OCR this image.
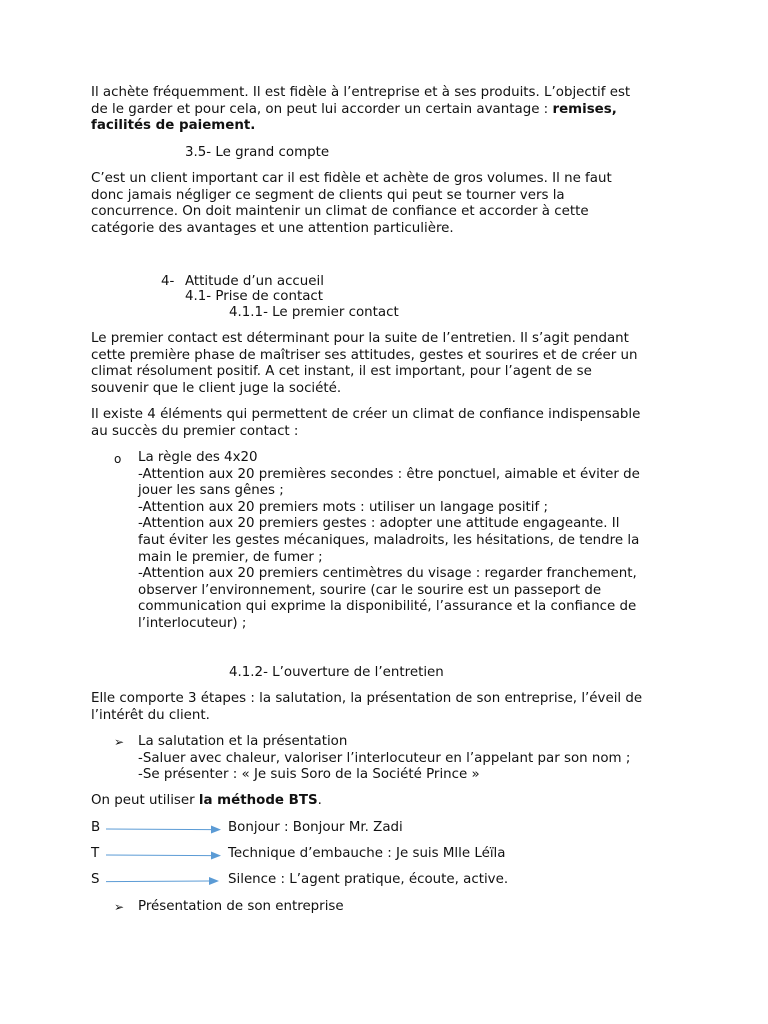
Il achète fréquemment. Il est fidèle à l’entreprise et à ses produits. L’objectif est
de le garder et pour cela, on peut lui accorder un certain avantage : remises,
facilités de paiement.
3.5- Le grand compte
C’est un client important car il est fidèle et achète de gros volumes. Il ne faut
donc jamais négliger ce segment de clients qui peut se tourner vers la
concurrence. On doit maintenir un climat de confiance et accorder à cette
catégorie des avantages et une attention particulière.
4- Attitude d’un accueil
4.1- Prise de contact
4.1.1- Le premier contact
Le premier contact est déterminant pour la suite de l’entretien. Il s’agit pendant
cette première phase de maîtriser ses attitudes, gestes et sourires et de créer un
climat résolument positif. A cet instant, il est important, pour l’agent de se
souvenir que le client juge la société.
Il existe 4 éléments qui permettent de créer un climat de confiance indispensable
au succès du premier contact :
o La règle des 4x20
-Attention aux 20 premières secondes : être ponctuel, aimable et éviter de
jouer les sans gênes ;
-Attention aux 20 premiers mots : utiliser un langage positif ;
-Attention aux 20 premiers gestes : adopter une attitude engageante. Il
faut éviter les gestes mécaniques, maladroits, les hésitations, de tendre la
main le premier, de fumer ;
-Attention aux 20 premiers centimètres du visage : regarder franchement,
observer l’environnement, sourire (car le sourire est un passeport de
communication qui exprime la disponibilité, l’assurance et la confiance de
l’interlocuteur) ;
4.1.2- L’ouverture de l’entretien
Elle comporte 3 étapes : la salutation, la présentation de son entreprise, l’éveil de
l’intérêt du client.
➢ La salutation et la présentation
-Saluer avec chaleur, valoriser l’interlocuteur en l’appelant par son nom ;
-Se présenter : « Je suis Soro de la Société Prince »
On peut utiliser la méthode BTS.
B	Bonjour : Bonjour Mr. Zadi
T	Technique d’embauche : Je suis Mlle Léïla
S	Silence : L’agent pratique, écoute, active.
➢ Présentation de son entreprise
